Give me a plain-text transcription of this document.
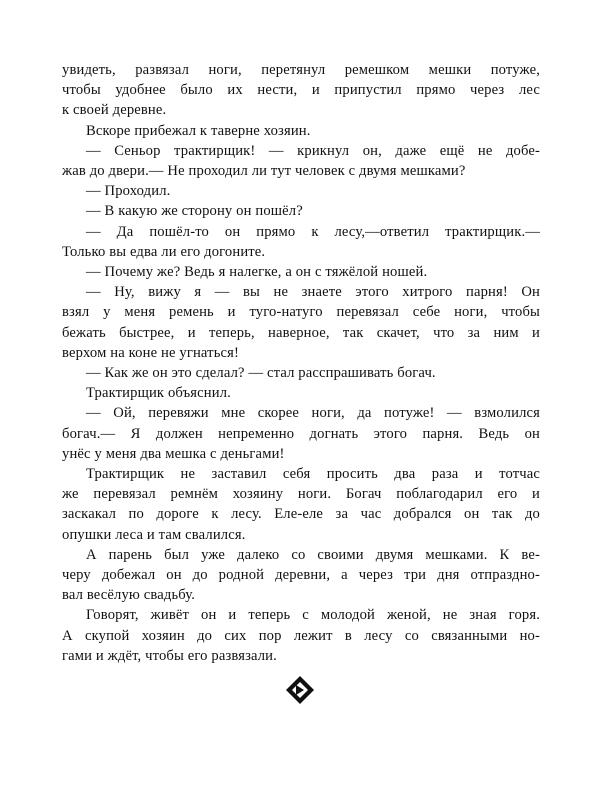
увидеть, развязал ноги, перетянул ремешком мешки потуже,
чтобы удобнее было их нести, и припустил прямо через лес
к своей деревне.
Вскоре прибежал к таверне хозяин.
— Сеньор трактирщик! — крикнул он, даже ещё не добе-
жав до двери.— Не проходил ли тут человек с двумя мешками?
— Проходил.
— В какую же сторону он пошёл?
— Да пошёл-то он прямо к лесу,—ответил трактирщик.—
Только вы едва ли его догоните.
— Почему же? Ведь я налегке, а он с тяжёлой ношей.
— Ну, вижу я — вы не знаете этого хитрого парня! Он
взял у меня ремень и туго-натуго перевязал себе ноги, чтобы
бежать быстрее, и теперь, наверное, так скачет, что за ним и
верхом на коне не угнаться!
— Как же он это сделал? — стал расспрашивать богач.
Трактирщик объяснил.
— Ой, перевяжи мне скорее ноги, да потуже! — взмолился
богач.— Я должен непременно догнать этого парня. Ведь он
унёс у меня два мешка с деньгами!
Трактирщик не заставил себя просить два раза и тотчас
же перевязал ремнём хозяину ноги. Богач поблагодарил его и
заскакал по дороге к лесу. Еле-еле за час добрался он так до
опушки леса и там свалился.
А парень был уже далеко со своими двумя мешками. К ве-
черу добежал он до родной деревни, а через три дня отпраздно-
вал весёлую свадьбу.
Говорят, живёт он и теперь с молодой женой, не зная горя.
А скупой хозяин до сих пор лежит в лесу со связанными но-
гами и ждёт, чтобы его развязали.
